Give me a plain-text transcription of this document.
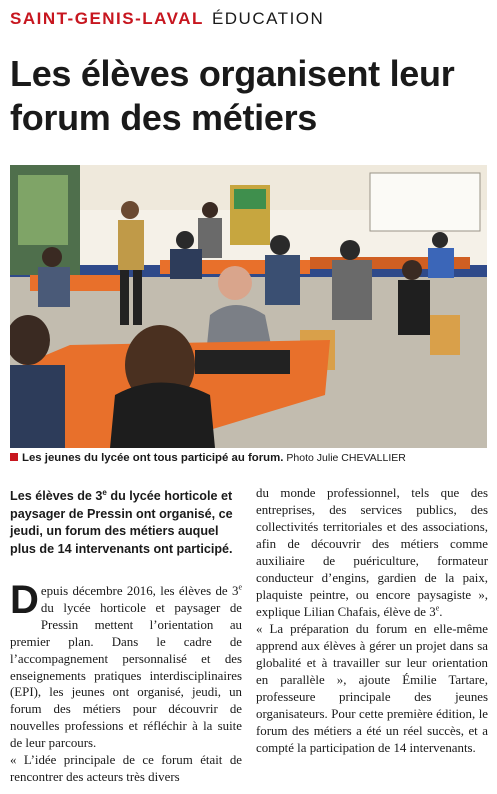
SAINT-GENIS-LAVAL ÉDUCATION
Les élèves organisent leur forum des métiers
Les jeunes du lycée ont tous participé au forum. Photo Julie CHEVALLIER
Les élèves de 3e du lycée horticole et paysager de Pressin ont organisé, ce jeudi, un forum des métiers auquel plus de 14 intervenants ont participé.

Depuis décembre 2016, les élèves de 3e du lycée horticole et paysager de Pressin mettent l’orientation au premier plan. Dans le cadre de l’accompagnement personnalisé et des enseignements pratiques interdisciplinaires (EPI), les jeunes ont organisé, jeudi, un forum des métiers pour découvrir de nouvelles professions et réfléchir à la suite de leur parcours.

« L’idée principale de ce forum était de rencontrer des acteurs très divers

du monde professionnel, tels que des entreprises, des services publics, des collectivités territoriales et des associations, afin de découvrir des métiers comme auxiliaire de puériculture, formateur conducteur d’engins, gardien de la paix, plaquiste peintre, ou encore paysagiste », explique Lilian Chafais, élève de 3e.

« La préparation du forum en elle-même apprend aux élèves à gérer un projet dans sa globalité et à travailler sur leur orientation en parallèle », ajoute Émilie Tartare, professeure principale des jeunes organisateurs. Pour cette première édition, le forum des métiers a été un réel succès, et a compté la participation de 14 intervenants.
